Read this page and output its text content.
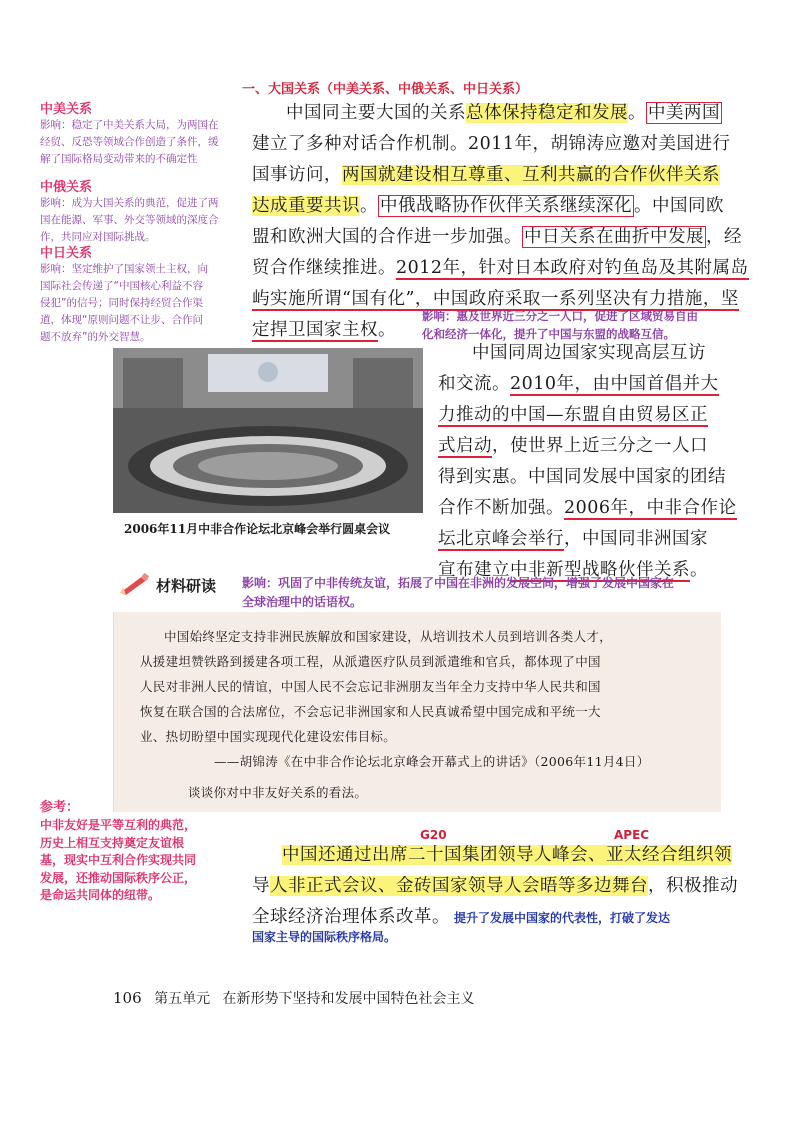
一、大国关系（中美关系、中俄关系、中日关系）
中美关系
影响：稳定了中美关系大局，为两国在
经贸、反恐等领域合作创造了条件，缓
解了国际格局变动带来的不确定性
中俄关系
影响：成为大国关系的典范，促进了两
国在能源、军事、外交等领域的深度合
作，共同应对国际挑战。
中日关系
影响：坚定维护了国家领土主权，向
国际社会传递了“中国核心利益不容
侵犯”的信号；同时保持经贸合作渠
道，体现“原则问题不让步、合作问
题不放弃”的外交智慧。
中国同主要大国的关系总体保持稳定和发展。 中美两国
建立了多种对话合作机制。2011年，胡锦涛应邀对美国进行
国事访问，两国就建设相互尊重、互利共赢的合作伙伴关系
达成重要共识。 中俄战略协作伙伴关系继续深化 。中国同欧
盟和欧洲大国的合作进一步加强。 中日关系在曲折中发展 ，经
贸合作继续推进。2012年，针对日本政府对钓鱼岛及其附属岛
屿实施所谓“国有化”，中国政府采取一系列坚决有力措施，坚
定捍卫国家主权。
影响：惠及世界近三分之一人口，促进了区域贸易自由
化和经济一体化，提升了中国与东盟的战略互信。
2006年11月中非合作论坛北京峰会举行圆桌会议
中国同周边国家实现高层互访
和交流。2010年，由中国首倡并大
力推动的中国—东盟自由贸易区正
式启动，使世界上近三分之一人口
得到实惠。中国同发展中国家的团结
合作不断加强。2006年，中非合作论
坛北京峰会举行，中国同非洲国家
宣布建立中非新型战略伙伴关系。
材料研读 影响：巩固了中非传统友谊，拓展了中国在非洲的发展空间，增强了发展中国家在
全球治理中的话语权。
中国始终坚定支持非洲民族解放和国家建设，从培训技术人员到培训各类人才，
从援建坦赞铁路到援建各项工程，从派遣医疗队员到派遣维和官兵，都体现了中国
人民对非洲人民的情谊，中国人民不会忘记非洲朋友当年全力支持中华人民共和国
恢复在联合国的合法席位，不会忘记非洲国家和人民真诚希望中国完成和平统一大
业、热切盼望中国实现现代化建设宏伟目标。
——胡锦涛《在中非合作论坛北京峰会开幕式上的讲话》（2006年11月4日）
谈谈你对中非友好关系的看法。
参考：
中非友好是平等互利的典范，
历史上相互支持奠定友谊根
基，现实中互利合作实现共同
发展，还推动国际秩序公正，
是命运共同体的纽带。
G20	APEC
中国还通过出席二十国集团领导人峰会、亚太经合组织领
导人非正式会议、金砖国家领导人会晤等多边舞台，积极推动
全球经济治理体系改革。 提升了发展中国家的代表性，打破了发达
国家主导的国际秩序格局。
106 第五单元 在新形势下坚持和发展中国特色社会主义
